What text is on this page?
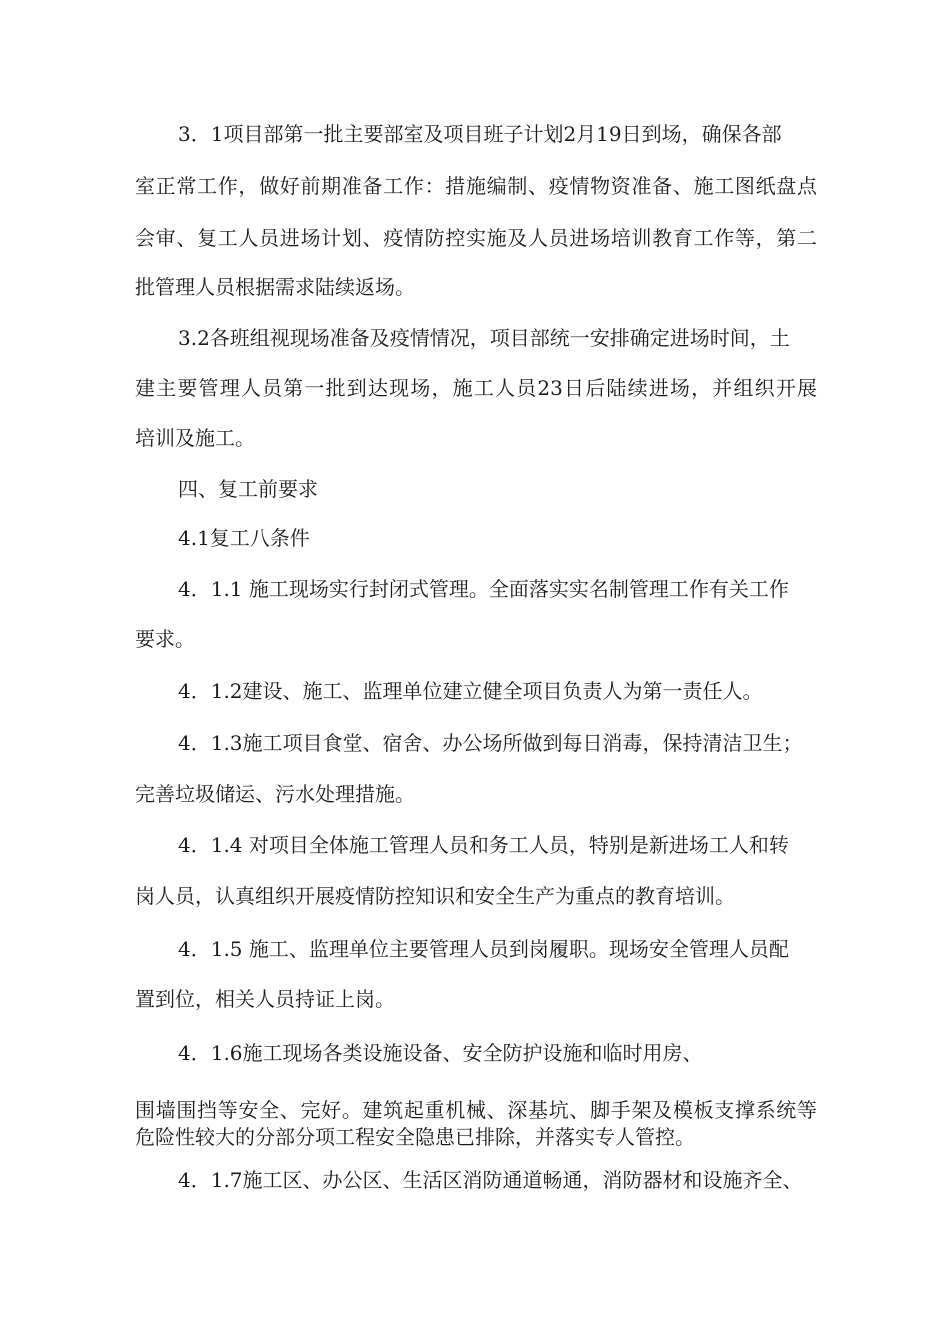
3．1项目部第一批主要部室及项目班子计划2月19日到场，确保各部
室正常工作，做好前期准备工作：措施编制、疫情物资准备、施工图纸盘点
会审、复工人员进场计划、疫情防控实施及人员进场培训教育工作等，第二
批管理人员根据需求陆续返场。
3.2各班组视现场准备及疫情情况，项目部统一安排确定进场时间，土
建主要管理人员第一批到达现场，施工人员23日后陆续进场，并组织开展
培训及施工。
四、复工前要求
4.1复工八条件
4．1.1 施工现场实行封闭式管理。全面落实实名制管理工作有关工作
要求。
4．1.2建设、施工、监理单位建立健全项目负责人为第一责任人。
4．1.3施工项目食堂、宿舍、办公场所做到每日消毒，保持清洁卫生；
完善垃圾储运、污水处理措施。
4．1.4 对项目全体施工管理人员和务工人员，特别是新进场工人和转
岗人员，认真组织开展疫情防控知识和安全生产为重点的教育培训。
4．1.5 施工、监理单位主要管理人员到岗履职。现场安全管理人员配
置到位，相关人员持证上岗。
4．1.6施工现场各类设施设备、安全防护设施和临时用房、
围墙围挡等安全、完好。建筑起重机械、深基坑、脚手架及模板支撑系统等
危险性较大的分部分项工程安全隐患已排除，并落实专人管控。
4．1.7施工区、办公区、生活区消防通道畅通，消防器材和设施齐全、
